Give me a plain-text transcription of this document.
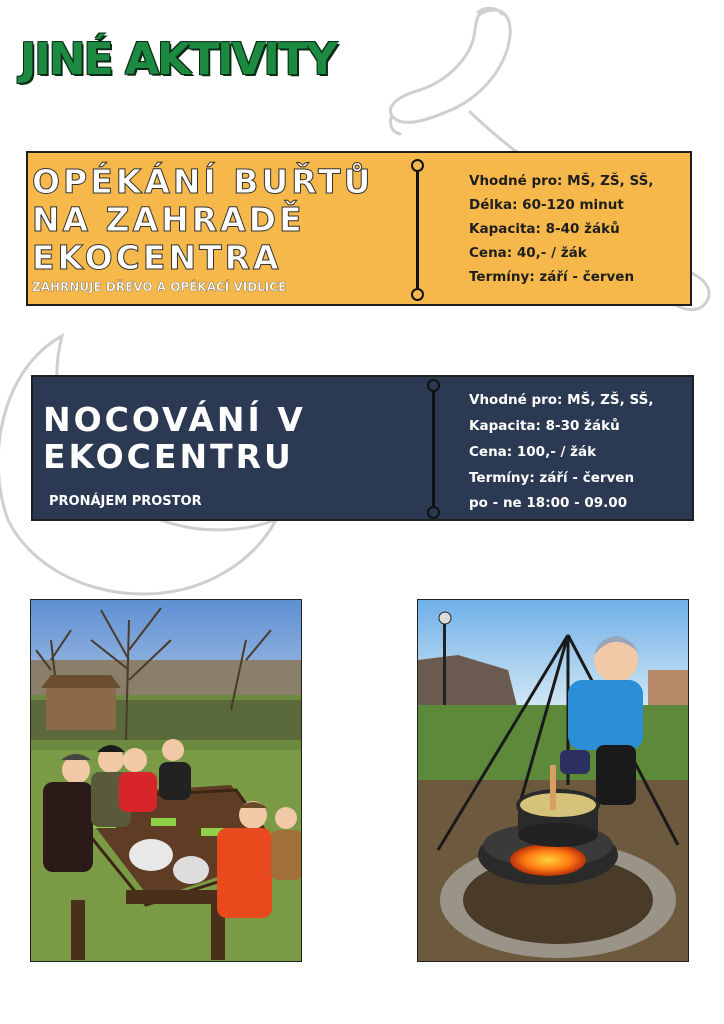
JINÉ AKTIVITY
OPÉKÁNÍ BUŘTŮ
NA ZAHRADĚ
EKOCENTRA
ZAHRNUJE DŘEVO A OPÉKACÍ VIDLICE
Vhodné pro: MŠ, ZŠ, SŠ,
Délka: 60-120 minut
Kapacita: 8-40 žáků
Cena: 40,- / žák
Termíny: září - červen
NOCOVÁNÍ V
EKOCENTRU
PRONÁJEM PROSTOR
Vhodné pro: MŠ, ZŠ, SŠ,
Kapacita: 8-30 žáků
Cena: 100,- / žák
Termíny: září - červen
po - ne 18:00 - 09.00
